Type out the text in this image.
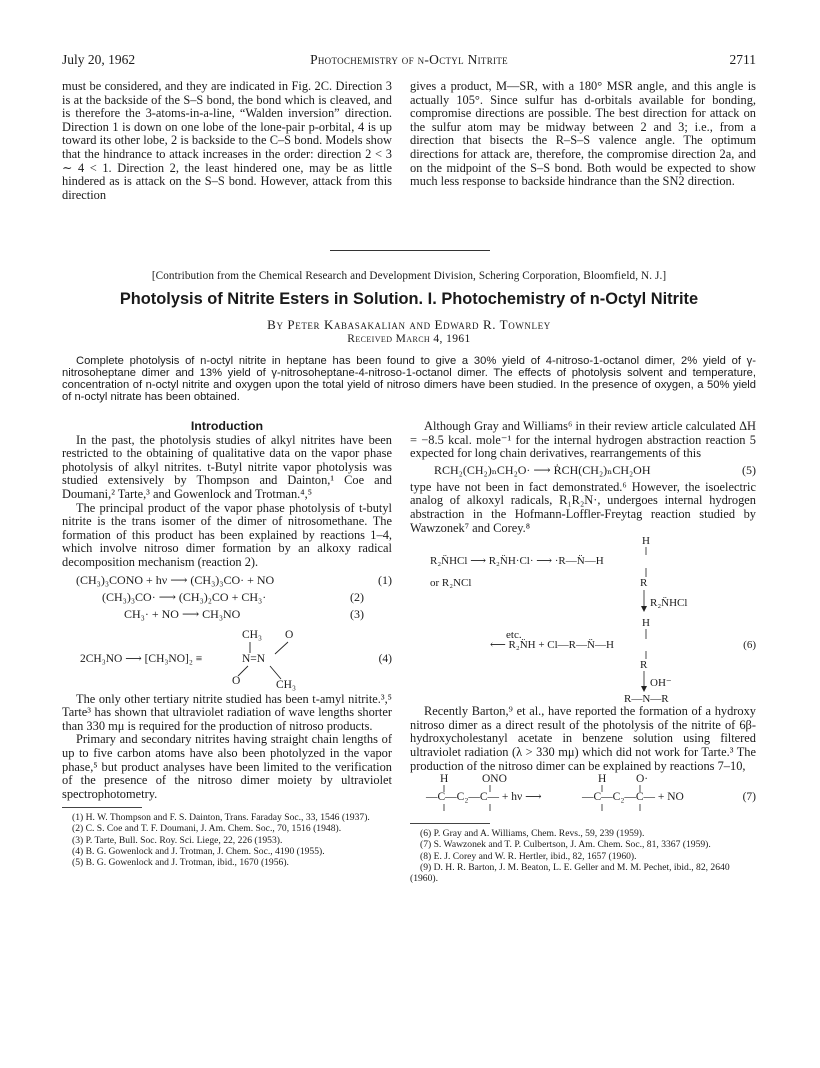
July 20, 1962	Photochemistry of n-Octyl Nitrite	2711

must be considered, and they are indicated in Fig. 2C. Direction 3 is at the backside of the S–S bond, the bond which is cleaved, and is therefore the 3-atoms-in-a-line, “Walden inversion” direction. Direction 1 is down on one lobe of the lone-pair p-orbital, 4 is up toward its other lobe, 2 is backside to the C–S bond. Models show that the hindrance to attack increases in the order: direction 2 < 3 ∼ 4 < 1. Direction 2, the least hindered one, may be as little hindered as is attack on the S–S bond. However, attack from this direction

gives a product, M—SR, with a 180° MSR angle, and this angle is actually 105°. Since sulfur has d-orbitals available for bonding, compromise directions are possible. The best direction for attack on the sulfur atom may be midway between 2 and 3; i.e., from a direction that bisects the R–S–S valence angle. The optimum directions for attack are, therefore, the compromise direction 2a, and on the midpoint of the S–S bond. Both would be expected to show much less response to backside hindrance than the SN2 direction.

[Contribution from the Chemical Research and Development Division, Schering Corporation, Bloomfield, N. J.]
Photolysis of Nitrite Esters in Solution. I. Photochemistry of n-Octyl Nitrite
By Peter Kabasakalian and Edward R. Townley
Received March 4, 1961

Complete photolysis of n-octyl nitrite in heptane has been found to give a 30% yield of 4-nitroso-1-octanol dimer, 2% yield of γ-nitrosoheptane dimer and 13% yield of γ-nitrosoheptane-4-nitroso-1-octanol dimer. The effects of photolysis solvent and temperature, concentration of n-octyl nitrite and oxygen upon the total yield of nitroso dimers have been studied. In the presence of oxygen, a 50% yield of n-octyl nitrate has been obtained.

Introduction

In the past, the photolysis studies of alkyl nitrites have been restricted to the obtaining of qualitative data on the vapor phase photolysis of alkyl nitrites. t-Butyl nitrite vapor photolysis was studied extensively by Thompson and Dainton,¹ Coe and Doumani,² Tarte,³ and Gowenlock and Trotman.⁴,⁵

The principal product of the vapor phase photolysis of t-butyl nitrite is the trans isomer of the dimer of nitrosomethane. The formation of this product has been explained by reactions 1–4, which involve nitroso dimer formation by an alkoxy radical decomposition mechanism (reaction 2).

(CH₃)₃CONO + hν ⟶ (CH₃)₃CO· + NO	(1)
(CH₃)₃CO· ⟶ (CH₃)₂CO + CH₃·	(2)
CH₃· + NO ⟶ CH₃NO	(3)
2CH₃NO ⟶ [CH₃NO]₂ ≡
CH₃ O
N=N
O	CH₃
(4)

The only other tertiary nitrite studied has been t-amyl nitrite.³,⁵ Tarte³ has shown that ultraviolet radiation of wave lengths shorter than 330 mμ is required for the production of nitroso products.

Primary and secondary nitrites having straight chain lengths of up to five carbon atoms have also been photolyzed in the vapor phase,⁵ but product analyses have been limited to the verification of the presence of the nitroso dimer moiety by ultraviolet spectrophotometry.

(1) H. W. Thompson and F. S. Dainton, Trans. Faraday Soc., 33, 1546 (1937).

(2) C. S. Coe and T. F. Doumani, J. Am. Chem. Soc., 70, 1516 (1948).

(3) P. Tarte, Bull. Soc. Roy. Sci. Liege, 22, 226 (1953).

(4) B. G. Gowenlock and J. Trotman, J. Chem. Soc., 4190 (1955).

(5) B. G. Gowenlock and J. Trotman, ibid., 1670 (1956).

Although Gray and Williams⁶ in their review article calculated ΔH = −8.5 kcal. mole⁻¹ for the internal hydrogen abstraction reaction 5 expected for long chain derivatives, rearrangements of this

RCH₂(CH₂)ₙCH₂O· ⟶ ṘCH(CH₂)ₙCH₂OH	(5)

type have not been in fact demonstrated.⁶ However, the isoelectric analog of alkoxyl radicals, R₁R₂N·, undergoes internal hydrogen abstraction in the Hofmann-Loffler-Freytag reaction studied by Wawzonek⁷ and Corey.⁸

H
R₂N̈HCl ⟶ R₂N̈H·Cl· ⟶ ·R—N̈—H
or R₂NCl	R
R₂N̈HCl
H
etc.
⟵ R₂N̈H + Cl—R—N̈—H	(6)
R
OH⁻
R—N—R

Recently Barton,⁹ et al., have reported the formation of a hydroxy nitroso dimer as a direct result of the photolysis of the nitrite of 6β-hydroxycholestanyl acetate in benzene solution using filtered ultraviolet radiation (λ > 330 mμ) which did not work for Tarte.³ The production of the nitroso dimer can be explained by reactions 7–10,

H	ONO	H	O·
—C—C₂—C— + hν ⟶	—C—C₂—C— + NO	(7)

(6) P. Gray and A. Williams, Chem. Revs., 59, 239 (1959).

(7) S. Wawzonek and T. P. Culbertson, J. Am. Chem. Soc., 81, 3367 (1959).

(8) E. J. Corey and W. R. Hertler, ibid., 82, 1657 (1960).

(9) D. H. R. Barton, J. M. Beaton, L. E. Geller and M. M. Pechet, ibid., 82, 2640 (1960).
